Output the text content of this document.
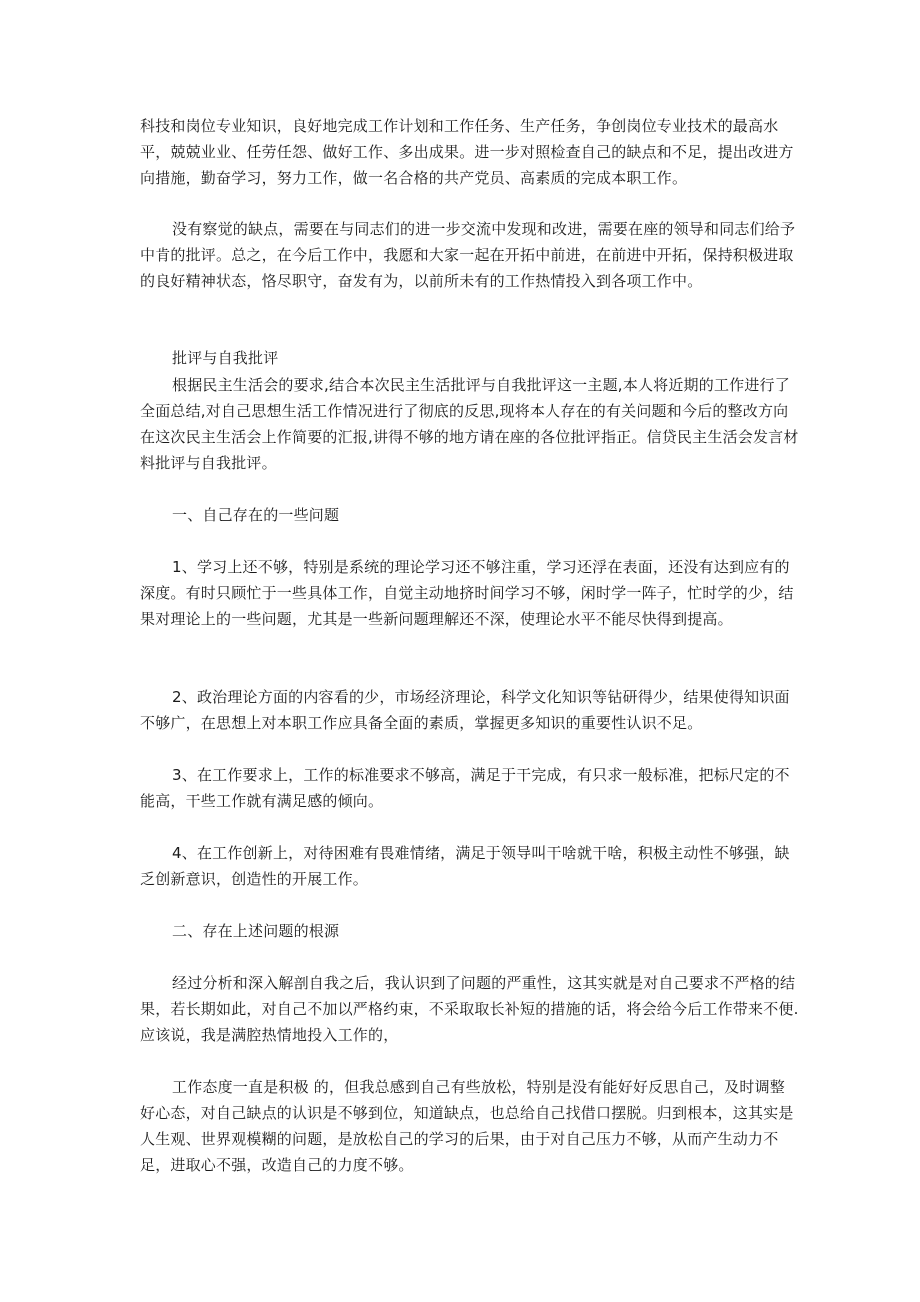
科技和岗位专业知识，良好地完成工作计划和工作任务、生产任务，争创岗位专业技术的最高水平，兢兢业业、任劳任怨、做好工作、多出成果。进一步对照检查自己的缺点和不足，提出改进方向措施，勤奋学习，努力工作，做一名合格的共产党员、高素质的完成本职工作。

没有察觉的缺点，需要在与同志们的进一步交流中发现和改进，需要在座的领导和同志们给予中肯的批评。总之，在今后工作中，我愿和大家一起在开拓中前进，在前进中开拓，保持积极进取的良好精神状态，恪尽职守，奋发有为，以前所未有的工作热情投入到各项工作中。

批评与自我批评

根据民主生活会的要求,结合本次民主生活批评与自我批评这一主题,本人将近期的工作进行了全面总结,对自己思想生活工作情况进行了彻底的反思,现将本人存在的有关问题和今后的整改方向在这次民主生活会上作简要的汇报,讲得不够的地方请在座的各位批评指正。信贷民主生活会发言材料批评与自我批评。

一、自己存在的一些问题

1、学习上还不够，特别是系统的理论学习还不够注重，学习还浮在表面，还没有达到应有的深度。有时只顾忙于一些具体工作，自觉主动地挤时间学习不够，闲时学一阵子，忙时学的少，结果对理论上的一些问题，尤其是一些新问题理解还不深，使理论水平不能尽快得到提高。

2、政治理论方面的内容看的少，市场经济理论，科学文化知识等钻研得少，结果使得知识面不够广，在思想上对本职工作应具备全面的素质，掌握更多知识的重要性认识不足。

3、在工作要求上，工作的标准要求不够高，满足于干完成，有只求一般标准，把标尺定的不能高，干些工作就有满足感的倾向。

4、在工作创新上，对待困难有畏难情绪，满足于领导叫干啥就干啥，积极主动性不够强，缺乏创新意识，创造性的开展工作。

二、存在上述问题的根源

经过分析和深入解剖自我之后，我认识到了问题的严重性，这其实就是对自己要求不严格的结果，若长期如此，对自己不加以严格约束，不采取取长补短的措施的话，将会给今后工作带来不便.应该说，我是满腔热情地投入工作的，

工作态度一直是积极 的，但我总感到自己有些放松，特别是没有能好好反思自己，及时调整好心态，对自己缺点的认识是不够到位，知道缺点，也总给自己找借口摆脱。归到根本，这其实是人生观、世界观模糊的问题，是放松自己的学习的后果，由于对自己压力不够，从而产生动力不足，进取心不强，改造自己的力度不够。
